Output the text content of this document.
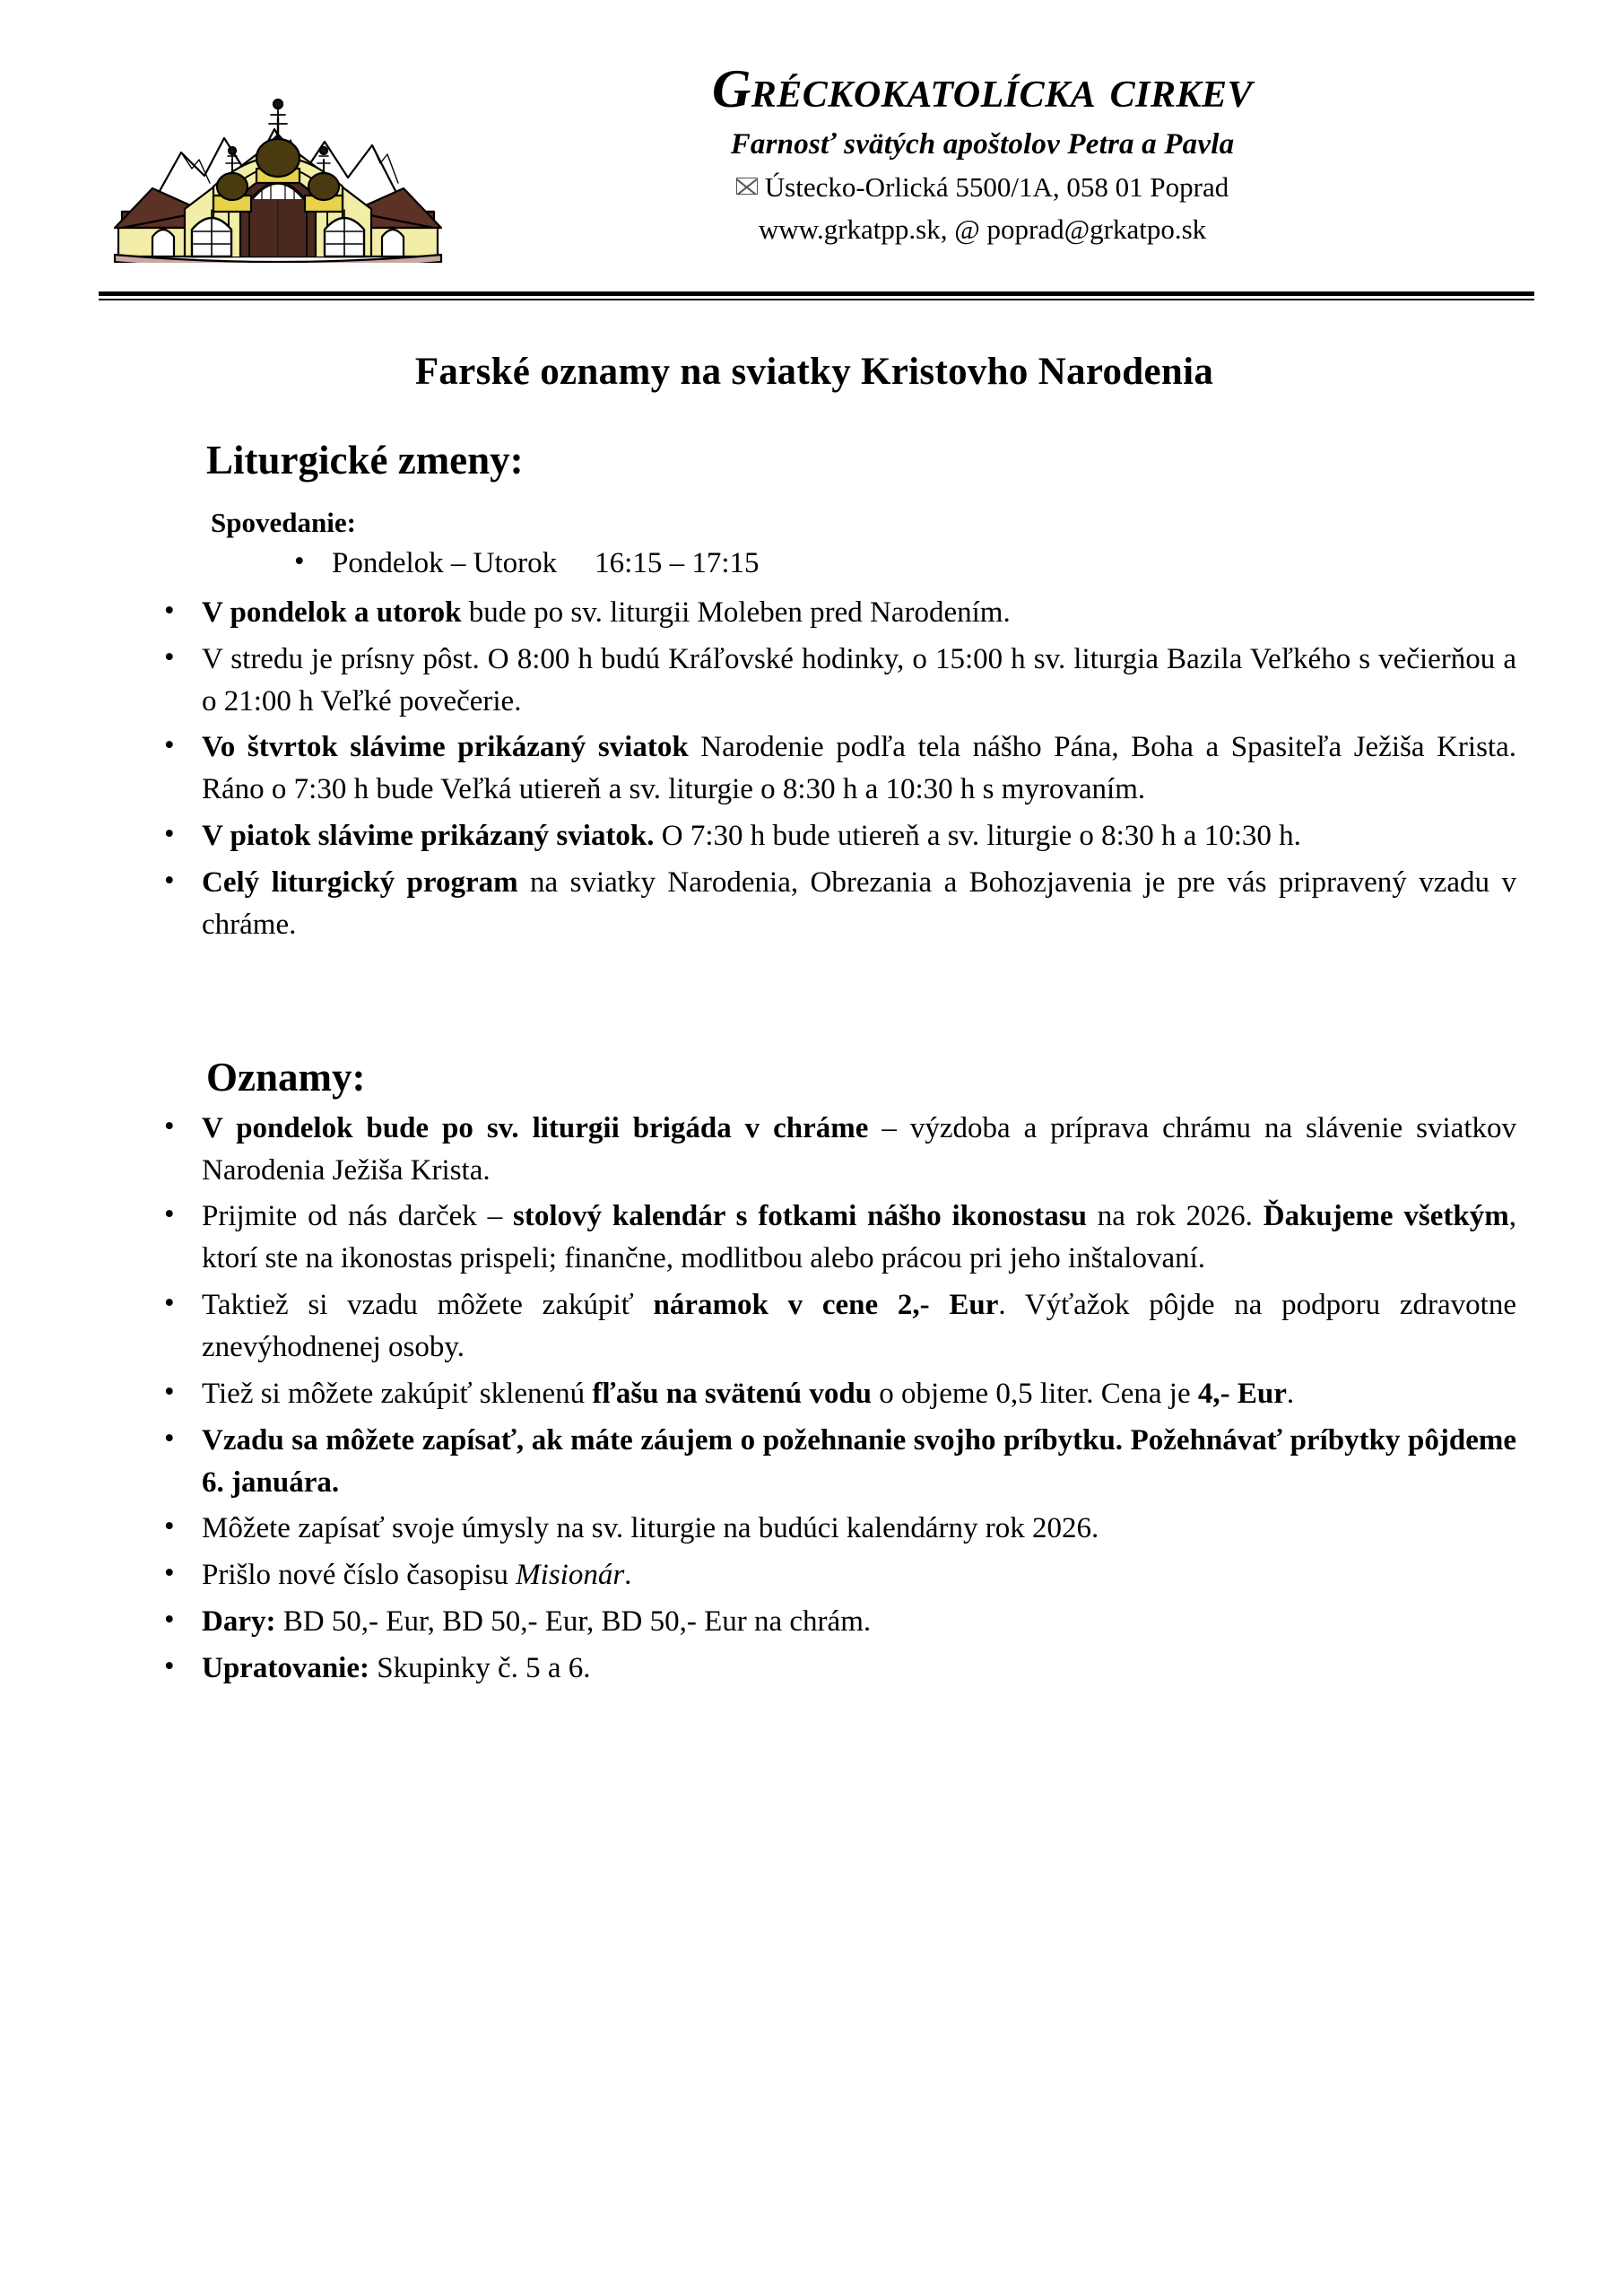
Gréckokatolícka cirkev
Farnosť svätých apoštolov Petra a Pavla
Ústecko-Orlická 5500/1A, 058 01 Poprad
www.grkatpp.sk, @ poprad@grkatpo.sk
Farské oznamy na sviatky Kristovho Narodenia
Liturgické zmeny:
Spovedanie:
• Pondelok – Utorok 16:15 – 17:15
• V pondelok a utorok bude po sv. liturgii Moleben pred Narodením.
• V stredu je prísny pôst. O 8:00 h budú Kráľovské hodinky, o 15:00 h sv. liturgia Bazila Veľkého s večierňou a o 21:00 h Veľké povečerie.
• Vo štvrtok slávime prikázaný sviatok Narodenie podľa tela nášho Pána, Boha a Spasiteľa Ježiša Krista. Ráno o 7:30 h bude Veľká utiereň a sv. liturgie o 8:30 h a 10:30 h s myrovaním.
• V piatok slávime prikázaný sviatok. O 7:30 h bude utiereň a sv. liturgie o 8:30 h a 10:30 h.
• Celý liturgický program na sviatky Narodenia, Obrezania a Bohozjavenia je pre vás pripravený vzadu v chráme.
Oznamy:
• V pondelok bude po sv. liturgii brigáda v chráme – výzdoba a príprava chrámu na slávenie sviatkov Narodenia Ježiša Krista.
• Prijmite od nás darček – stolový kalendár s fotkami nášho ikonostasu na rok 2026. Ďakujeme všetkým, ktorí ste na ikonostas prispeli; finančne, modlitbou alebo prácou pri jeho inštalovaní.
• Taktiež si vzadu môžete zakúpiť náramok v cene 2,- Eur. Výťažok pôjde na podporu zdravotne znevýhodnenej osoby.
• Tiež si môžete zakúpiť sklenenú fľašu na svätenú vodu o objeme 0,5 liter. Cena je 4,- Eur.
• Vzadu sa môžete zapísať, ak máte záujem o požehnanie svojho príbytku. Požehnávať príbytky pôjdeme 6. januára.
• Môžete zapísať svoje úmysly na sv. liturgie na budúci kalendárny rok 2026.
• Prišlo nové číslo časopisu Misionár.
• Dary: BD 50,- Eur, BD 50,- Eur, BD 50,- Eur na chrám.
• Upratovanie: Skupinky č. 5 a 6.
